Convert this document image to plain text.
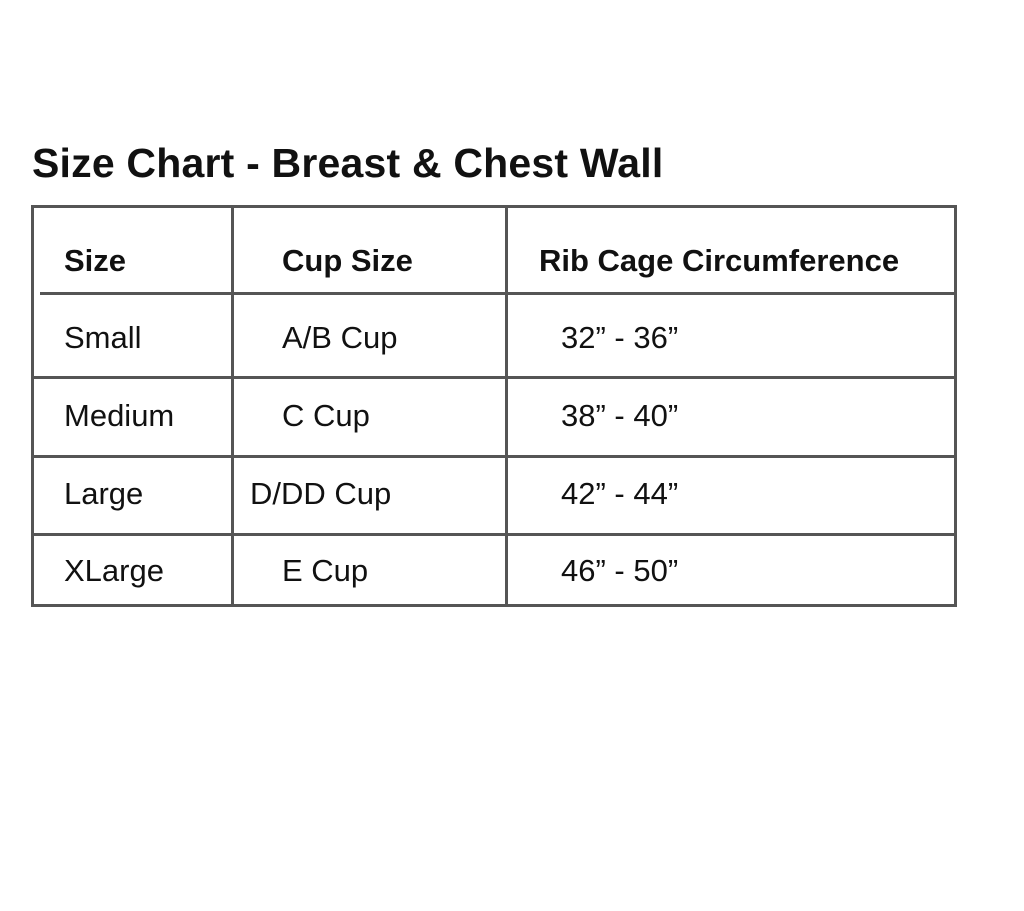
Size Chart - Breast & Chest Wall
Size	Cup Size	Rib Cage Circumference
Small	A/B Cup	32” - 36”
Medium	C Cup	38” - 40”
Large	D/DD Cup	42” - 44”
XLarge	E Cup	46” - 50”
